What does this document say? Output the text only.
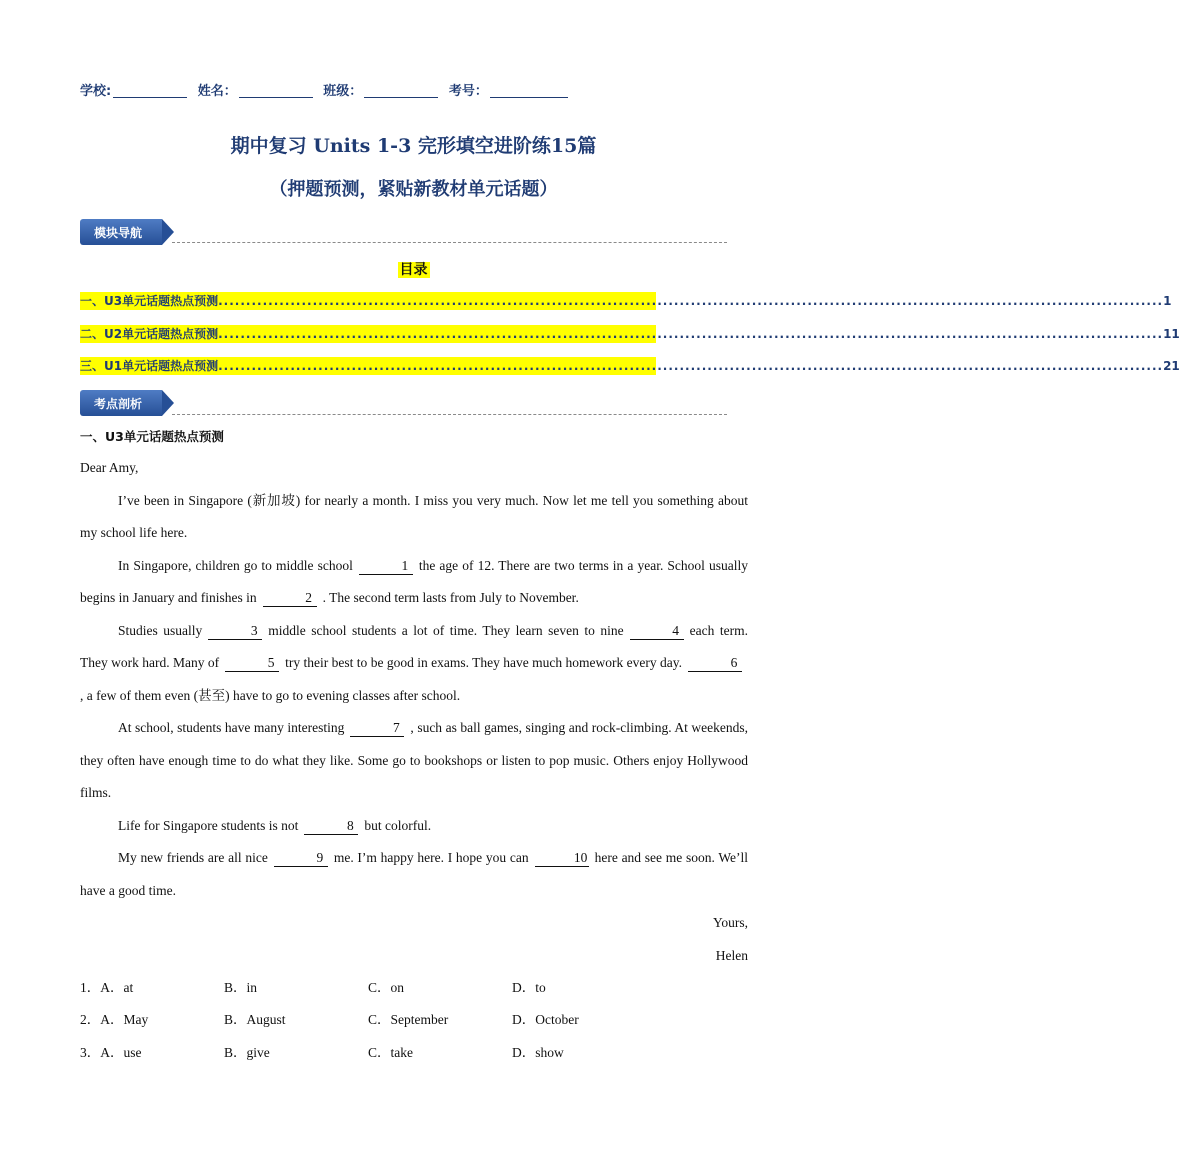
学校:	姓名：	班级：	考号：
期中复习 Units 1-3 完形填空进阶练15篇
（押题预测，紧贴新教材单元话题）
模块导航
目录
一、U3单元话题热点预测 .......................................................................................................................................................................... 1
二、U2单元话题热点预测 .......................................................................................................................................................................... 11
三、U1单元话题热点预测 .......................................................................................................................................................................... 21
考点剖析
一、U3单元话题热点预测

Dear Amy,

I’ve been in Singapore (新加坡) for nearly a month. I miss you very much. Now let me tell you something about my school life here.

In Singapore, children go to middle school	1 the age of 12. There are two terms in a year. School usually begins in January and finishes in	2 . The second term lasts from July to November.

Studies usually	3 middle school students a lot of time. They learn seven to nine	4 each term. They work hard. Many of	5 try their best to be good in exams. They have much homework every day.	6, a few of them even (甚至) have to go to evening classes after school.

At school, students have many interesting	7 , such as ball games, singing and rock-climbing. At weekends, they often have enough time to do what they like. Some go to bookshops or listen to pop music. Others enjoy Hollywood films.

Life for Singapore students is not	8 but colorful.

My new friends are all nice	9 me. I’m happy here. I hope you can	10 here and see me soon. We’ll have a good time.

Yours,

Helen

1．A．at	B．in	C．on	D．to
2．A．May	B．August	C．September	D．October
3．A．use	B．give	C．take	D．show
